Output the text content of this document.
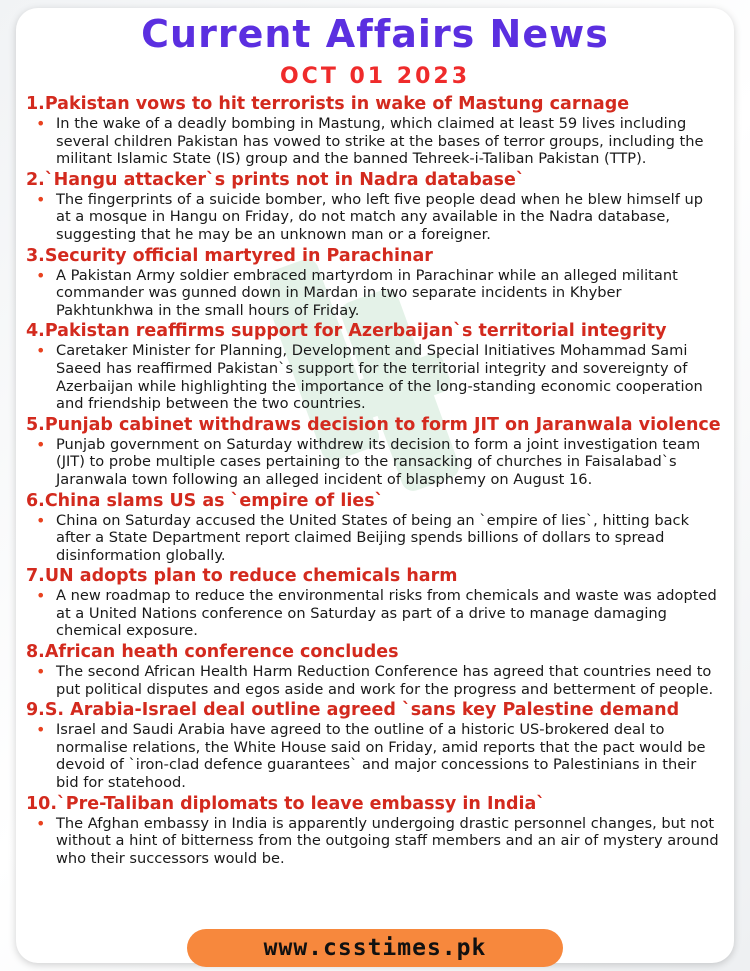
Current Affairs News
OCT 01 2023
1.Pakistan vows to hit terrorists in wake of Mastung carnage
• In the wake of a deadly bombing in Mastung, which claimed at least 59 lives including several children Pakistan has vowed to strike at the bases of terror groups, including the militant Islamic State (IS) group and the banned Tehreek-i-Taliban Pakistan (TTP).
2.`Hangu attacker`s prints not in Nadra database`
• The fingerprints of a suicide bomber, who left five people dead when he blew himself up at a mosque in Hangu on Friday, do not match any available in the Nadra database, suggesting that he may be an unknown man or a foreigner.
3.Security official martyred in Parachinar
• A Pakistan Army soldier embraced martyrdom in Parachinar while an alleged militant commander was gunned down in Mardan in two separate incidents in Khyber Pakhtunkhwa in the small hours of Friday.
4.Pakistan reaffirms support for Azerbaijan`s territorial integrity
• Caretaker Minister for Planning, Development and Special Initiatives Mohammad Sami Saeed has reaffirmed Pakistan`s support for the territorial integrity and sovereignty of Azerbaijan while highlighting the importance of the long-standing economic cooperation and friendship between the two countries.
5.Punjab cabinet withdraws decision to form JIT on Jaranwala violence
• Punjab government on Saturday withdrew its decision to form a joint investigation team (JIT) to probe multiple cases pertaining to the ransacking of churches in Faisalabad`s Jaranwala town following an alleged incident of blasphemy on August 16.
6.China slams US as `empire of lies`
• China on Saturday accused the United States of being an `empire of lies`, hitting back after a State Department report claimed Beijing spends billions of dollars to spread disinformation globally.
7.UN adopts plan to reduce chemicals harm
• A new roadmap to reduce the environmental risks from chemicals and waste was adopted at a United Nations conference on Saturday as part of a drive to manage damaging chemical exposure.
8.African heath conference concludes
• The second African Health Harm Reduction Conference has agreed that countries need to put political disputes and egos aside and work for the progress and betterment of people.
9.S. Arabia-Israel deal outline agreed `sans key Palestine demand
• Israel and Saudi Arabia have agreed to the outline of a historic US-brokered deal to normalise relations, the White House said on Friday, amid reports that the pact would be devoid of `iron-clad defence guarantees` and major concessions to Palestinians in their bid for statehood.
10.`Pre-Taliban diplomats to leave embassy in India`
• The Afghan embassy in India is apparently undergoing drastic personnel changes, but not without a hint of bitterness from the outgoing staff members and an air of mystery around who their successors would be.
www.csstimes.pk
